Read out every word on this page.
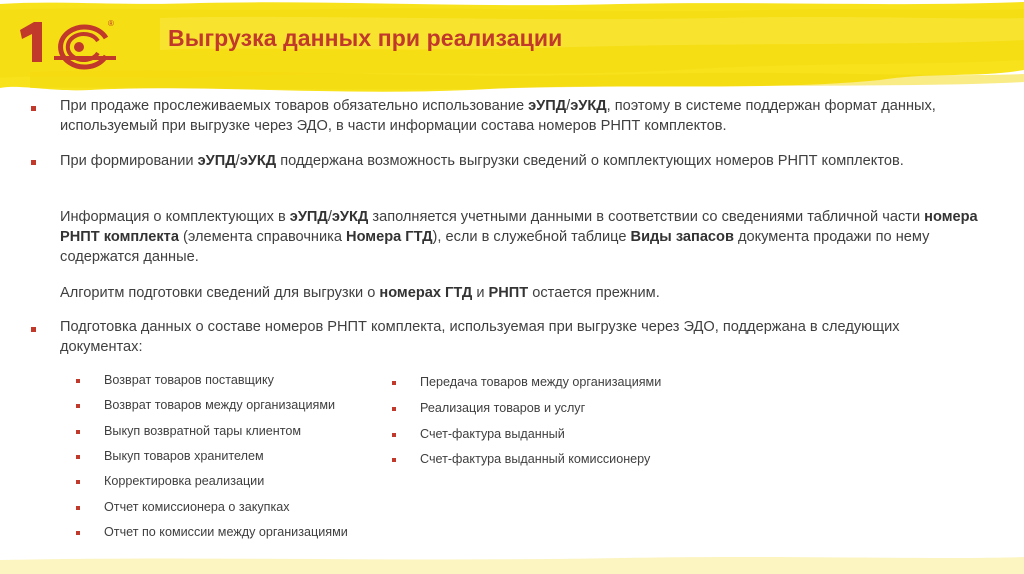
®
Выгрузка данных при реализации
При продаже прослеживаемых товаров обязательно использование эУПД/эУКД, поэтому в системе поддержан формат данных, используемый при выгрузке через ЭДО, в части информации состава номеров РНПТ комплектов.
При формировании эУПД/эУКД поддержана возможность выгрузки сведений о комплектующих номеров РНПТ комплектов.
Информация о комплектующих в эУПД/эУКД заполняется учетными данными в соответствии со сведениями табличной части номера РНПТ комплекта (элемента справочника Номера ГТД), если в служебной таблице Виды запасов документа продажи по нему содержатся данные.
Алгоритм подготовки сведений для выгрузки о номерах ГТД и РНПТ остается прежним.
Подготовка данных о составе номеров РНПТ комплекта, используемая при выгрузке через ЭДО, поддержана в следующих документах:
Возврат товаров поставщику
Возврат товаров между организациями
Выкуп возвратной тары клиентом
Выкуп товаров хранителем
Корректировка реализации
Отчет комиссионера о закупках
Отчет по комиссии между организациями
Передача товаров между организациями
Реализация товаров и услуг
Счет-фактура выданный
Счет-фактура выданный комиссионеру
